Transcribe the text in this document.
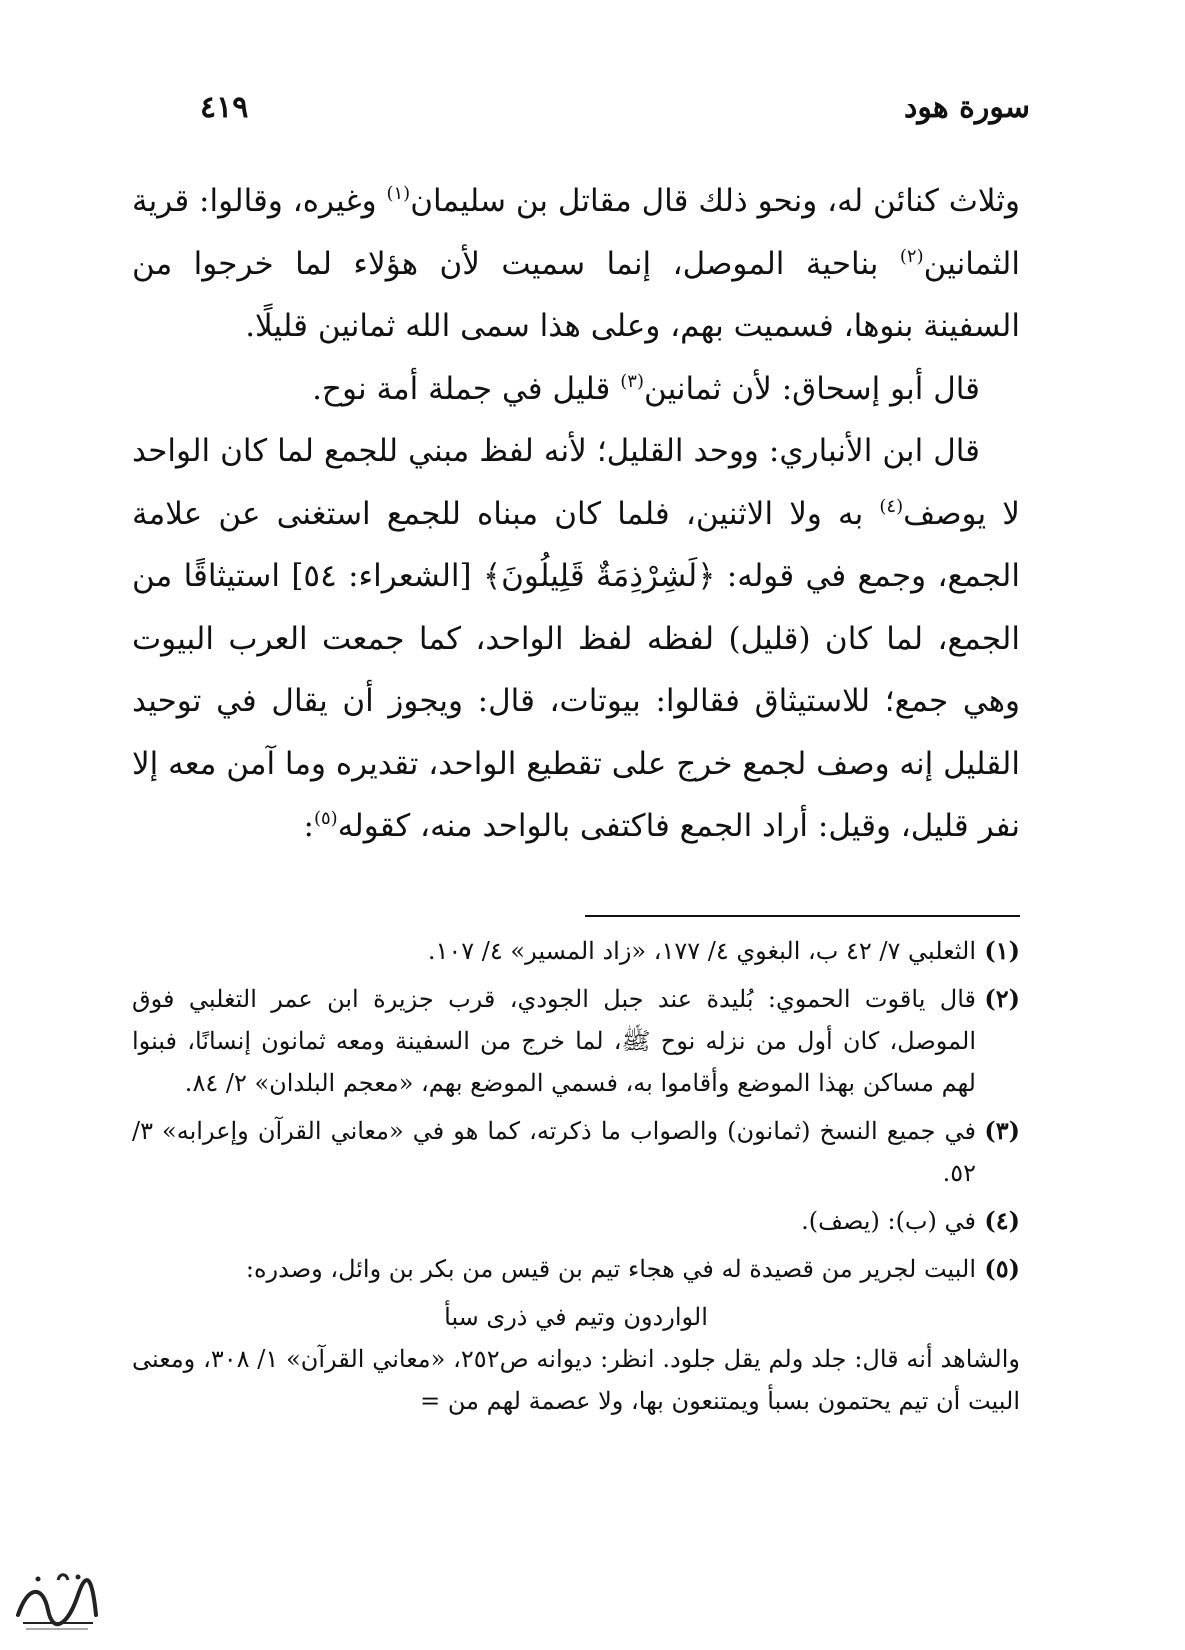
سورة هود
٤١٩

وثلاث كنائن له، ونحو ذلك قال مقاتل بن سليمان$^{(١)}$ وغيره، وقالوا: قرية الثمانين$^{(٢)}$ بناحية الموصل، إنما سميت لأن هؤلاء لما خرجوا من السفينة بنوها، فسميت بهم، وعلى هذا سمى الله ثمانين قليلًا.

قال أبو إسحاق: لأن ثمانين$^{(٣)}$ قليل في جملة أمة نوح.

قال ابن الأنباري: ووحد القليل؛ لأنه لفظ مبني للجمع لما كان الواحد لا يوصف$^{(٤)}$ به ولا الاثنين، فلما كان مبناه للجمع استغنى عن علامة الجمع، وجمع في قوله: ﴿لَشِرْذِمَةٌ قَلِيلُونَ﴾ [الشعراء: ٥٤] استيثاقًا من الجمع، لما كان (قليل) لفظه لفظ الواحد، كما جمعت العرب البيوت وهي جمع؛ للاستيثاق فقالوا: بيوتات، قال: ويجوز أن يقال في توحيد القليل إنه وصف لجمع خرج على تقطيع الواحد، تقديره وما آمن معه إلا نفر قليل، وقيل: أراد الجمع فاكتفى بالواحد منه، كقوله$^{(٥)}$:

(١)
الثعلبي ٧/ ٤٢ ب، البغوي ٤/ ١٧٧، «زاد المسير» ٤/ ١٠٧.
(٢)
قال ياقوت الحموي: بُليدة عند جبل الجودي، قرب جزيرة ابن عمر التغلبي فوق الموصل، كان أول من نزله نوح ﷺ، لما خرج من السفينة ومعه ثمانون إنسانًا، فبنوا لهم مساكن بهذا الموضع وأقاموا به، فسمي الموضع بهم، «معجم البلدان» ٢/ ٨٤.
(٣)
في جميع النسخ (ثمانون) والصواب ما ذكرته، كما هو في «معاني القرآن وإعرابه» ٣/ ٥٢.
(٤)
في (ب): (يصف).
(٥)
البيت لجرير من قصيدة له في هجاء تيم بن قيس من بكر بن وائل، وصدره:
الواردون وتيم في ذرى سبأ
والشاهد أنه قال: جلد ولم يقل جلود. انظر: ديوانه ص٢٥٢، «معاني القرآن» ١/ ٣٠٨، ومعنى البيت أن تيم يحتمون بسبأ ويمتنعون بها، ولا عصمة لهم من =
